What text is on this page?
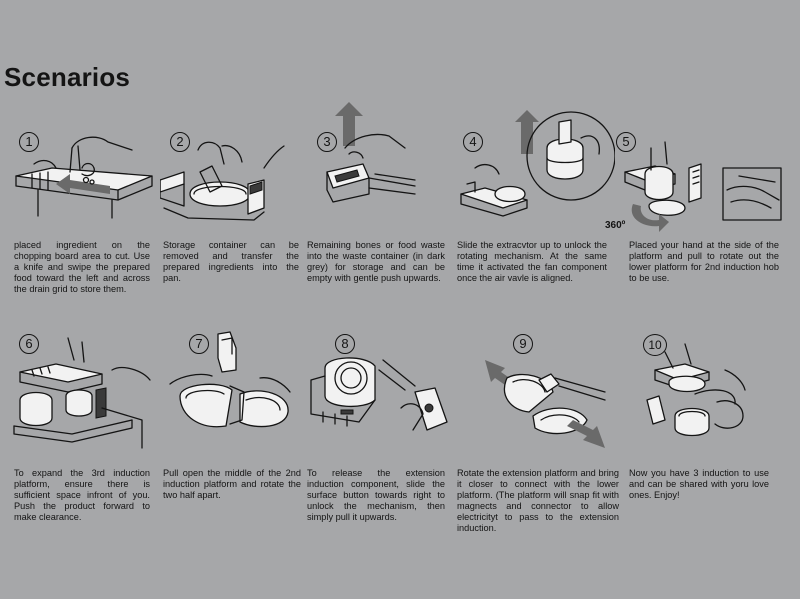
Scenarios
1
placed ingredient on the chopping board area to cut. Use a knife and swipe the prepared food toward the left and across the drain grid to store them.
2
Storage container can be removed and transfer the prepared ingredients into the pan.
3
Remaining bones or food waste into the waste container (in dark grey) for storage and can be empty with gentle push upwards.
4
Slide the extracvtor up to unlock the rotating mechanism. At the same time it activated the fan component once the air vavle is aligned.
360º
5
Placed your hand at the side of the platform and pull to rotate out the lower platform for 2nd induction hob to be use.
6
To expand the 3rd induction platform, ensure there is sufficient space infront of you. Push the product forward to make clearance.
7
Pull open the middle of the 2nd induction platform and rotate the two half apart.
8
To release the extension induction component, slide the surface button towards right to unlock the mechanism, then simply pull it upwards.
9
Rotate the extension platform and bring it closer to connect with the lower platform. (The platform will snap fit with magnects and connector to allow electricityt to pass to the extension induction.
10
Now you have 3 induction to use and can be shared with yoru love ones. Enjoy!
